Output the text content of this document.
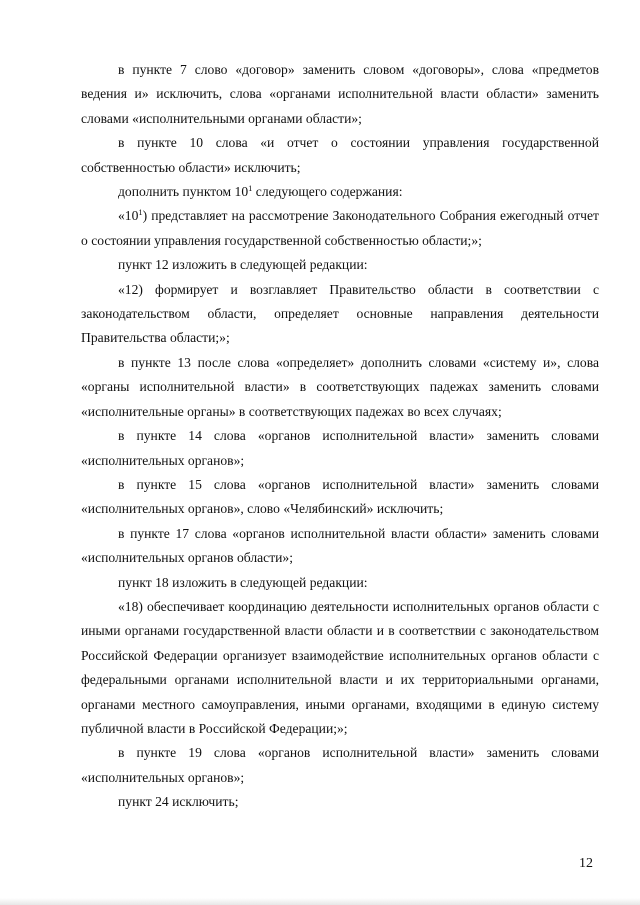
в пункте 7 слово «договор» заменить словом «договоры», слова «предметов ведения и» исключить, слова «органами исполнительной власти области» заменить словами «исполнительными органами области»;

в пункте 10 слова «и отчет о состоянии управления государственной собственностью области» исключить;

дополнить пунктом $10^1$ следующего содержания:

«$10^1$) представляет на рассмотрение Законодательного Собрания ежегодный отчет о состоянии управления государственной собственностью области;»;

пункт 12 изложить в следующей редакции:

«12) формирует и возглавляет Правительство области в соответствии с законодательством области, определяет основные направления деятельности Правительства области;»;

в пункте 13 после слова «определяет» дополнить словами «систему и», слова «органы исполнительной власти» в соответствующих падежах заменить словами «исполнительные органы» в соответствующих падежах во всех случаях;

в пункте 14 слова «органов исполнительной власти» заменить словами «исполнительных органов»;

в пункте 15 слова «органов исполнительной власти» заменить словами «исполнительных органов», слово «Челябинский» исключить;

в пункте 17 слова «органов исполнительной власти области» заменить словами «исполнительных органов области»;

пункт 18 изложить в следующей редакции:

«18) обеспечивает координацию деятельности исполнительных органов области с иными органами государственной власти области и в соответствии с законодательством Российской Федерации организует взаимодействие исполнительных органов области с федеральными органами исполнительной власти и их территориальными органами, органами местного самоуправления, иными органами, входящими в единую систему публичной власти в Российской Федерации;»;

в пункте 19 слова «органов исполнительной власти» заменить словами «исполнительных органов»;

пункт 24 исключить;

12
